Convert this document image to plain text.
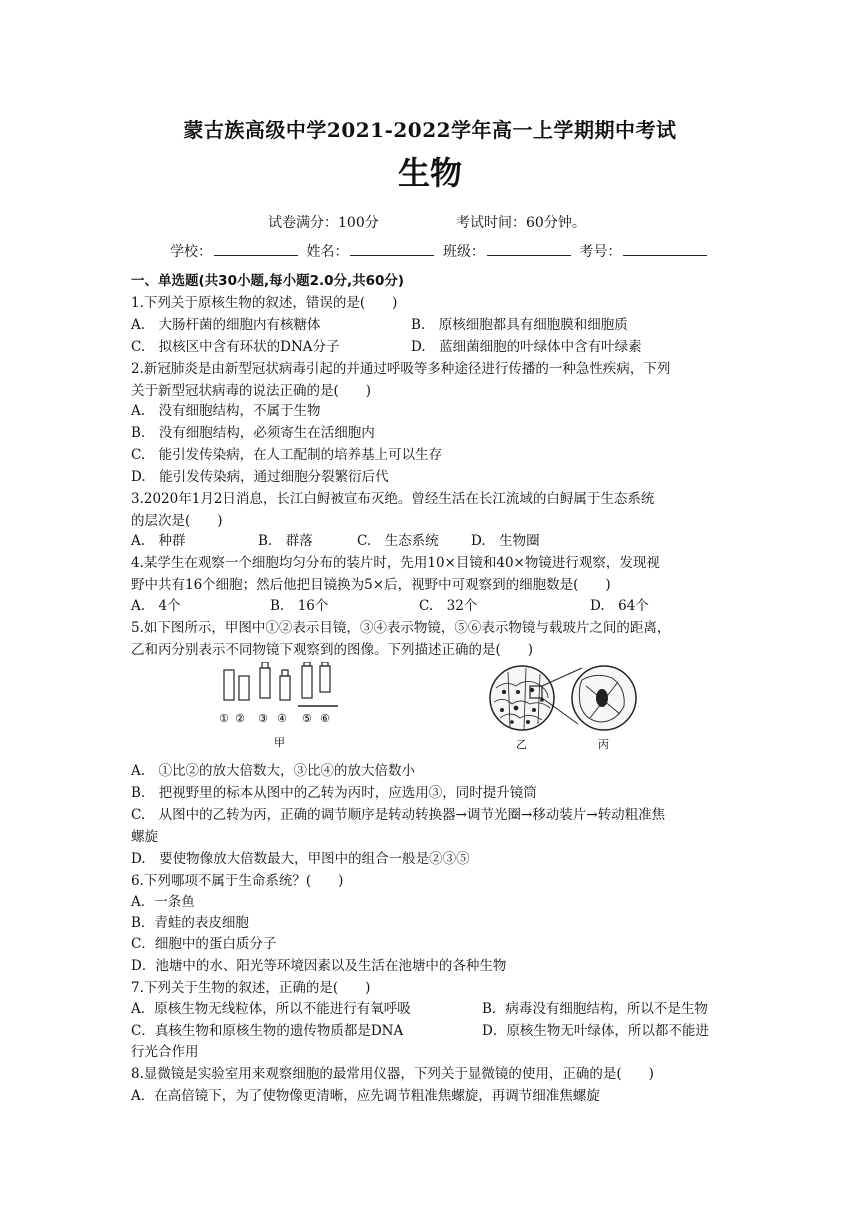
蒙古族高级中学2021-2022学年高一上学期期中考试
生物
试卷满分：100分	考试时间：60分钟。
学校：	姓名：	班级：	考号：
一、单选题(共30小题,每小题2.0分,共60分)
1.下列关于原核生物的叙述，错误的是(　　)
A.　大肠杆菌的细胞内有核糖体	B.　原核细胞都具有细胞膜和细胞质
C.　拟核区中含有环状的DNA分子	D.　蓝细菌细胞的叶绿体中含有叶绿素
2.新冠肺炎是由新型冠状病毒引起的并通过呼吸等多种途径进行传播的一种急性疾病，下列
关于新型冠状病毒的说法正确的是(　　)
A.　没有细胞结构，不属于生物
B.　没有细胞结构，必须寄生在活细胞内
C.　能引发传染病，在人工配制的培养基上可以生存
D.　能引发传染病，通过细胞分裂繁衍后代
3.2020年1月2日消息，长江白鲟被宣布灭绝。曾经生活在长江流域的白鲟属于生态系统
的层次是(　　)
A.　种群	B.　群落	C.　生态系统 D.　生物圈
4.某学生在观察一个细胞均匀分布的装片时，先用10×目镜和40×物镜进行观察，发现视
野中共有16个细胞；然后他把目镜换为5×后，视野中可观察到的细胞数是(　　)
A.　4个	B.　16个	C.　32个	D.　64个
5.如下图所示，甲图中①②表示目镜，③④表示物镜，⑤⑥表示物镜与载玻片之间的距离，
乙和丙分别表示不同物镜下观察到的图像。下列描述正确的是(　　)
① ② ③ ④ ⑤ ⑥
甲	乙	丙
A.　①比②的放大倍数大，③比④的放大倍数小
B.　把视野里的标本从图中的乙转为丙时，应选用③，同时提升镜筒
C.　从图中的乙转为丙，正确的调节顺序是转动转换器→调节光圈→移动装片→转动粗准焦
螺旋
D.　要使物像放大倍数最大，甲图中的组合一般是②③⑤
6.下列哪项不属于生命系统？(　　)
A．一条鱼
B．青蛙的表皮细胞
C．细胞中的蛋白质分子
D．池塘中的水、阳光等环境因素以及生活在池塘中的各种生物
7.下列关于生物的叙述，正确的是(　　)
A．原核生物无线粒体，所以不能进行有氧呼吸	B．病毒没有细胞结构，所以不是生物
C．真核生物和原核生物的遗传物质都是DNA	D．原核生物无叶绿体，所以都不能进
行光合作用
8.显微镜是实验室用来观察细胞的最常用仪器，下列关于显微镜的使用，正确的是(　　)
A．在高倍镜下，为了使物像更清晰，应先调节粗准焦螺旋，再调节细准焦螺旋
